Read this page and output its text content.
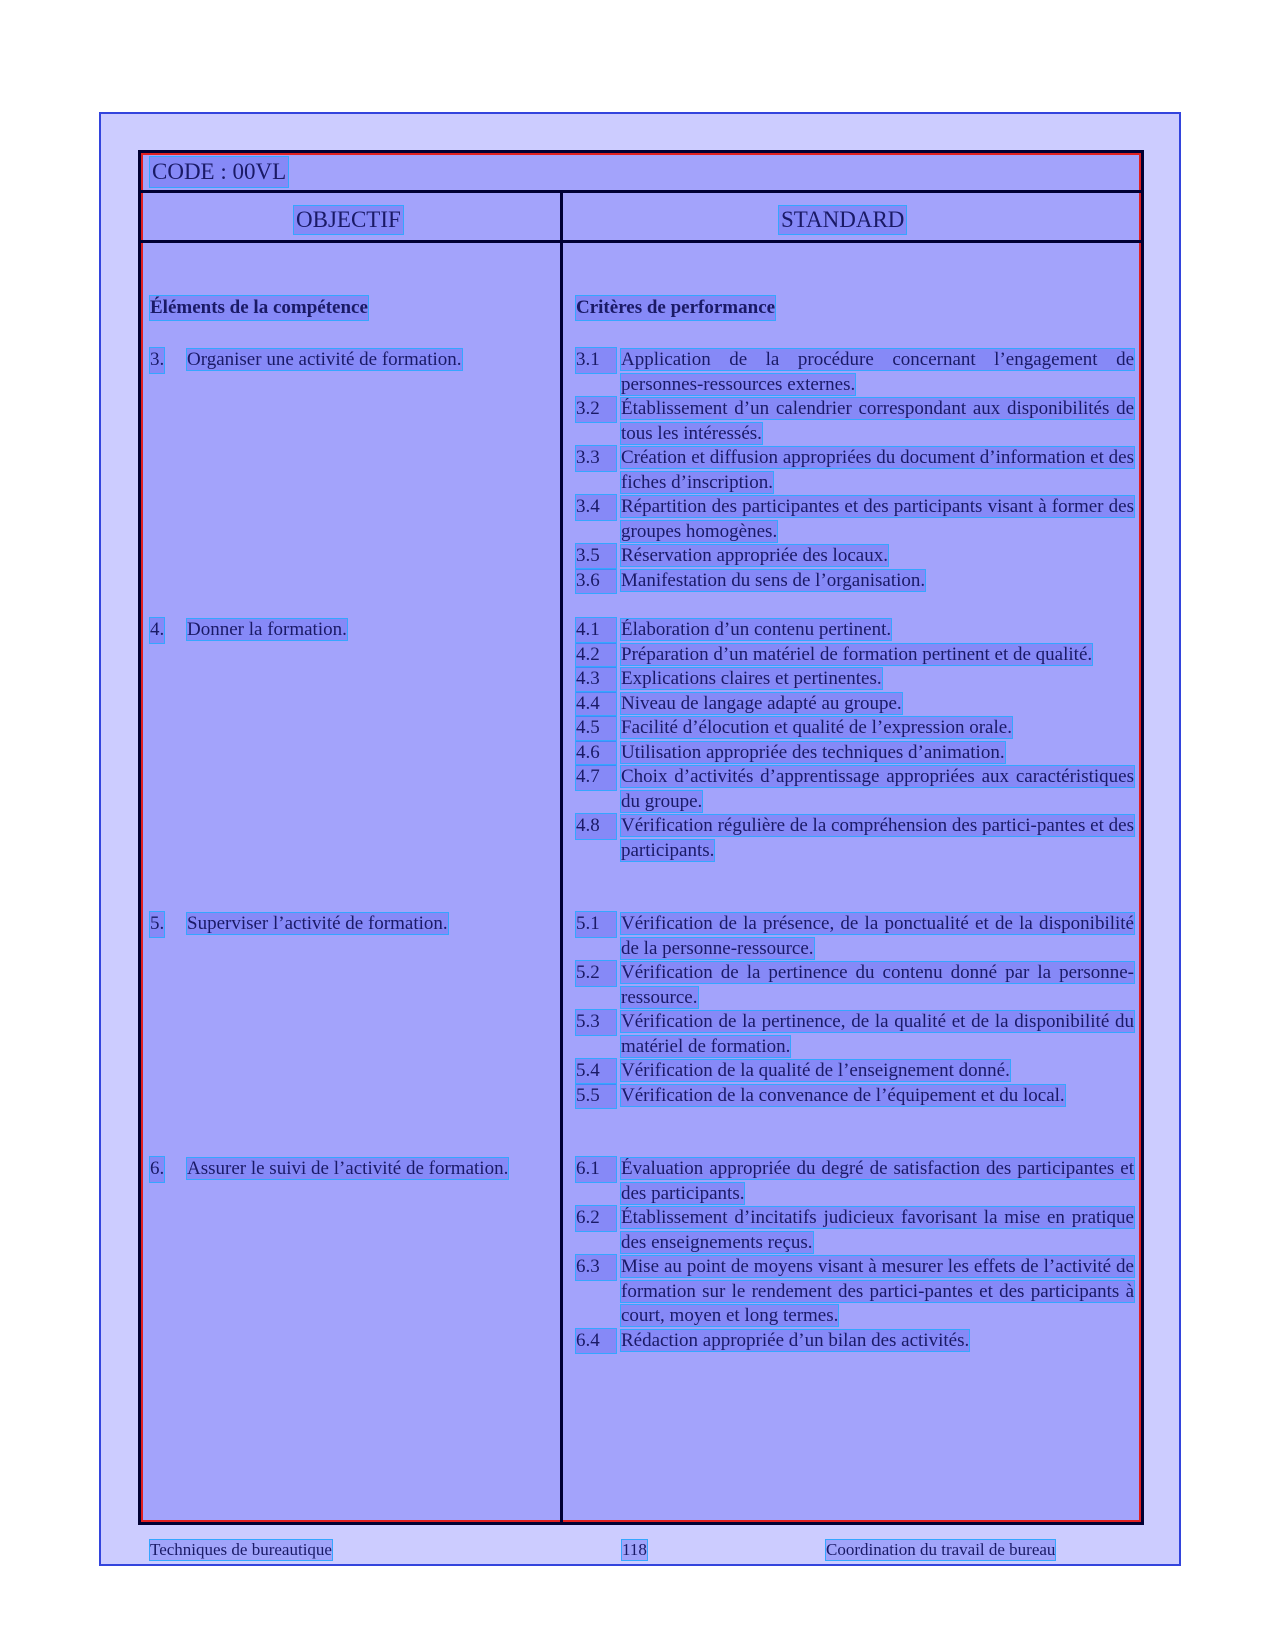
CODE : 00VL
OBJECTIF	STANDARD
Éléments de la compétence	Critères de performance
3. Organiser une activité de formation.	3.1	Application de la procédure concernant l’engagement de personnes-ressources externes.
3.2	Établissement d’un calendrier correspondant aux disponibilités de tous les intéressés.
3.3	Création et diffusion appropriées du document d’information et des fiches d’inscription.
3.4	Répartition des participantes et des participants visant à former des groupes homogènes.
3.5	Réservation appropriée des locaux.
3.6	Manifestation du sens de l’organisation.
4. Donner la formation.	4.1	Élaboration d’un contenu pertinent.
4.2	Préparation d’un matériel de formation pertinent et de qualité.
4.3	Explications claires et pertinentes.
4.4	Niveau de langage adapté au groupe.
4.5	Facilité d’élocution et qualité de l’expression orale.
4.6	Utilisation appropriée des techniques d’animation.
4.7	Choix d’activités d’apprentissage appropriées aux caractéristiques du groupe.
4.8	Vérification régulière de la compréhension des partici-pantes et des participants.
5. Superviser l’activité de formation.	5.1	Vérification de la présence, de la ponctualité et de la disponibilité de la personne-ressource.
5.2	Vérification de la pertinence du contenu donné par la personne-ressource.
5.3	Vérification de la pertinence, de la qualité et de la disponibilité du matériel de formation.
5.4	Vérification de la qualité de l’enseignement donné.
5.5	Vérification de la convenance de l’équipement et du local.
6. Assurer le suivi de l’activité de formation.	6.1	Évaluation appropriée du degré de satisfaction des participantes et des participants.
6.2	Établissement d’incitatifs judicieux favorisant la mise en pratique des enseignements reçus.
6.3	Mise au point de moyens visant à mesurer les effets de l’activité de formation sur le rendement des partici-pantes et des participants à court, moyen et long termes.
6.4	Rédaction appropriée d’un bilan des activités.
Techniques de bureautique	118	Coordination du travail de bureau
